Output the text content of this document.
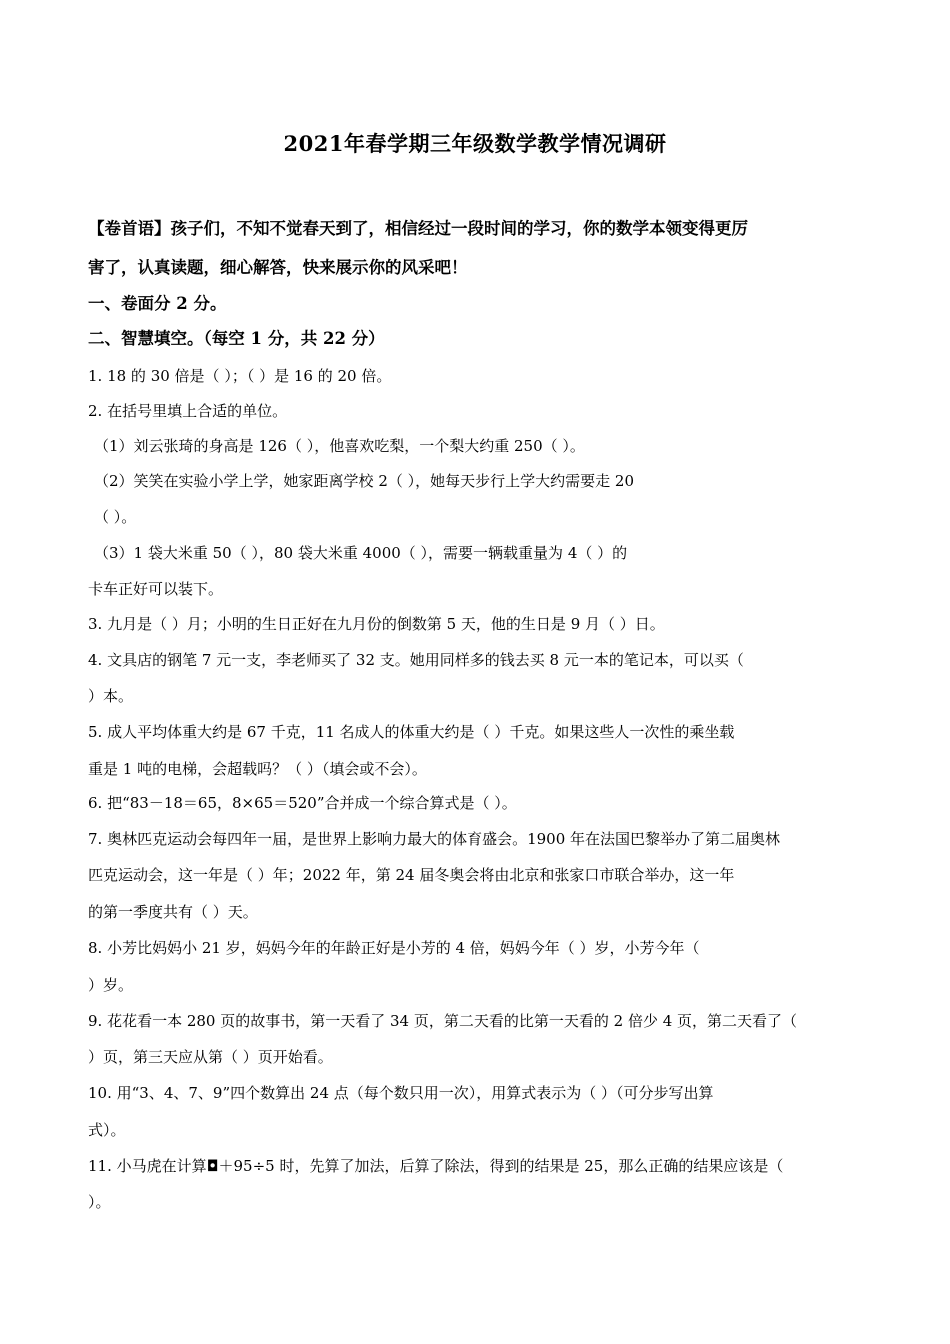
2021年春学期三年级数学教学情况调研
【卷首语】孩子们，不知不觉春天到了，相信经过一段时间的学习，你的数学本领变得更厉
害了，认真读题，细心解答，快来展示你的风采吧！
一、卷面分 2 分。
二、智慧填空。（每空 1 分，共 22 分）
1. 18 的 30 倍是（ ）；（ ）是 16 的 20 倍。
2. 在括号里填上合适的单位。
（1）刘云张琦的身高是 126（ ），他喜欢吃梨，一个梨大约重 250（ ）。
（2）笑笑在实验小学上学，她家距离学校 2（ ），她每天步行上学大约需要走 20
（ ）。
（3）1 袋大米重 50（ ），80 袋大米重 4000（ ），需要一辆载重量为 4（ ）的
卡车正好可以装下。
3. 九月是（ ）月；小明的生日正好在九月份的倒数第 5 天，他的生日是 9 月（ ）日。
4. 文具店的钢笔 7 元一支，李老师买了 32 支。她用同样多的钱去买 8 元一本的笔记本，可以买（
）本。
5. 成人平均体重大约是 67 千克，11 名成人的体重大约是（ ）千克。如果这些人一次性的乘坐载
重是 1 吨的电梯，会超载吗？（ ）（填会或不会）。
6. 把“83－18＝65，8×65＝520”合并成一个综合算式是（ ）。
7. 奥林匹克运动会每四年一届，是世界上影响力最大的体育盛会。1900 年在法国巴黎举办了第二届奥林
匹克运动会，这一年是（ ）年；2022 年，第 24 届冬奥会将由北京和张家口市联合举办，这一年
的第一季度共有（ ）天。
8. 小芳比妈妈小 21 岁，妈妈今年的年龄正好是小芳的 4 倍，妈妈今年（ ）岁，小芳今年（
）岁。
9. 花花看一本 280 页的故事书，第一天看了 34 页，第二天看的比第一天看的 2 倍少 4 页，第二天看了（
）页，第三天应从第（ ）页开始看。
10. 用“3、4、7、9”四个数算出 24 点（每个数只用一次），用算式表示为（ ）（可分步写出算
式）。
11. 小马虎在计算◘＋95÷5 时，先算了加法，后算了除法，得到的结果是 25，那么正确的结果应该是（
）。
